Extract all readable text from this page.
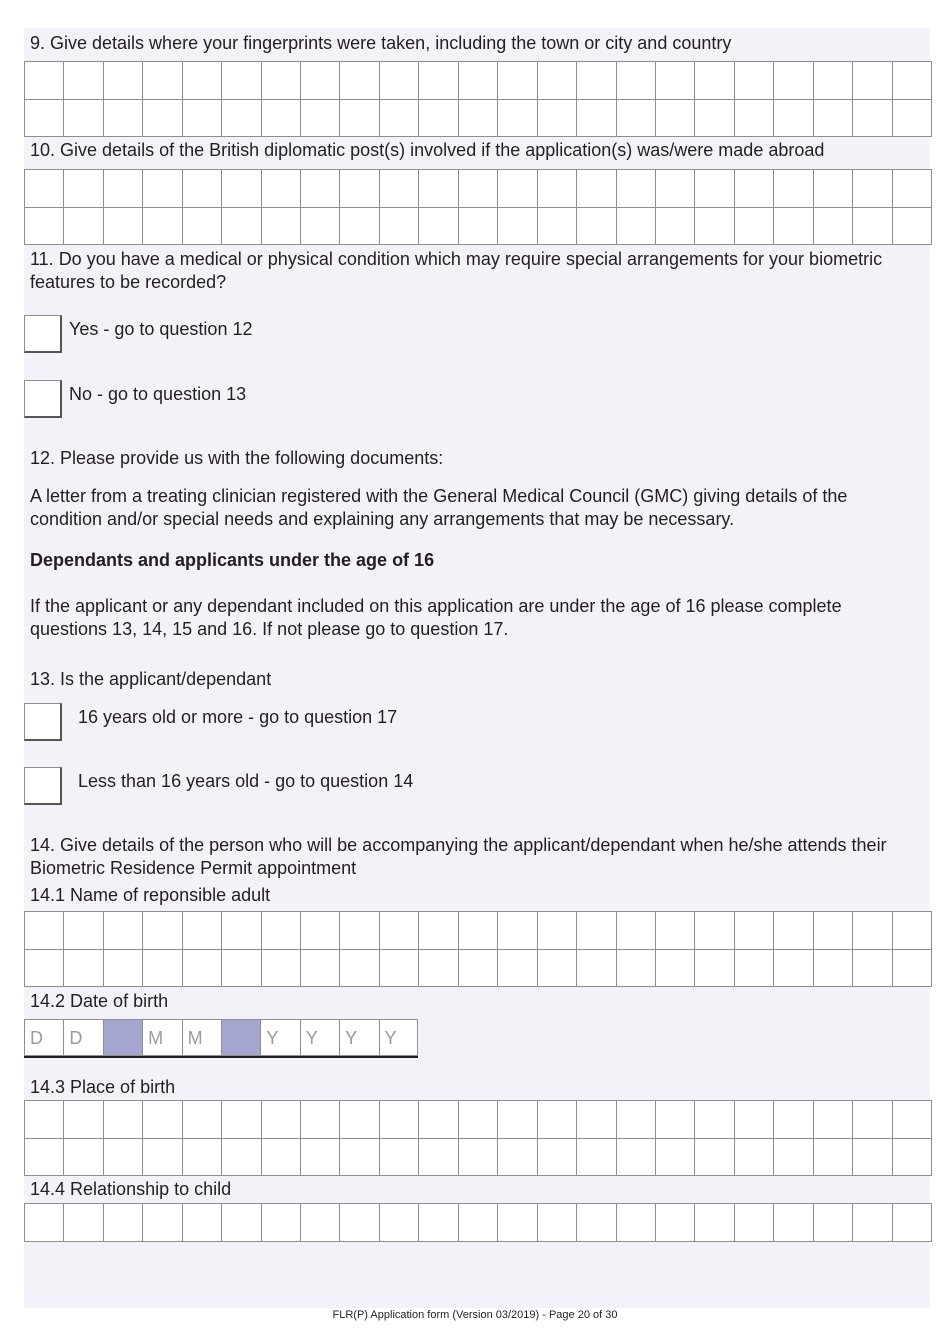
9. Give details where your fingerprints were taken, including the town or city and country
10. Give details of the British diplomatic post(s) involved if the application(s) was/were made abroad
11. Do you have a medical or physical condition which may require special arrangements for your biometric features to be recorded?
Yes - go to question 12
No - go to question 13
12. Please provide us with the following documents:
A letter from a treating clinician registered with the General Medical Council (GMC) giving details of the condition and/or special needs and explaining any arrangements that may be necessary.
Dependants and applicants under the age of 16
If the applicant or any dependant included on this application are under the age of 16 please complete questions 13, 14, 15 and 16. If not please go to question 17.
13. Is the applicant/dependant
16 years old or more - go to question 17
Less than 16 years old - go to question 14
14. Give details of the person who will be accompanying the applicant/dependant when he/she attends their Biometric Residence Permit appointment
14.1 Name of reponsible adult
14.2 Date of birth
D	D	M	M	Y	Y	Y	Y
14.3 Place of birth
14.4 Relationship to child
FLR(P) Application form (Version 03/2019) - Page 20 of 30
